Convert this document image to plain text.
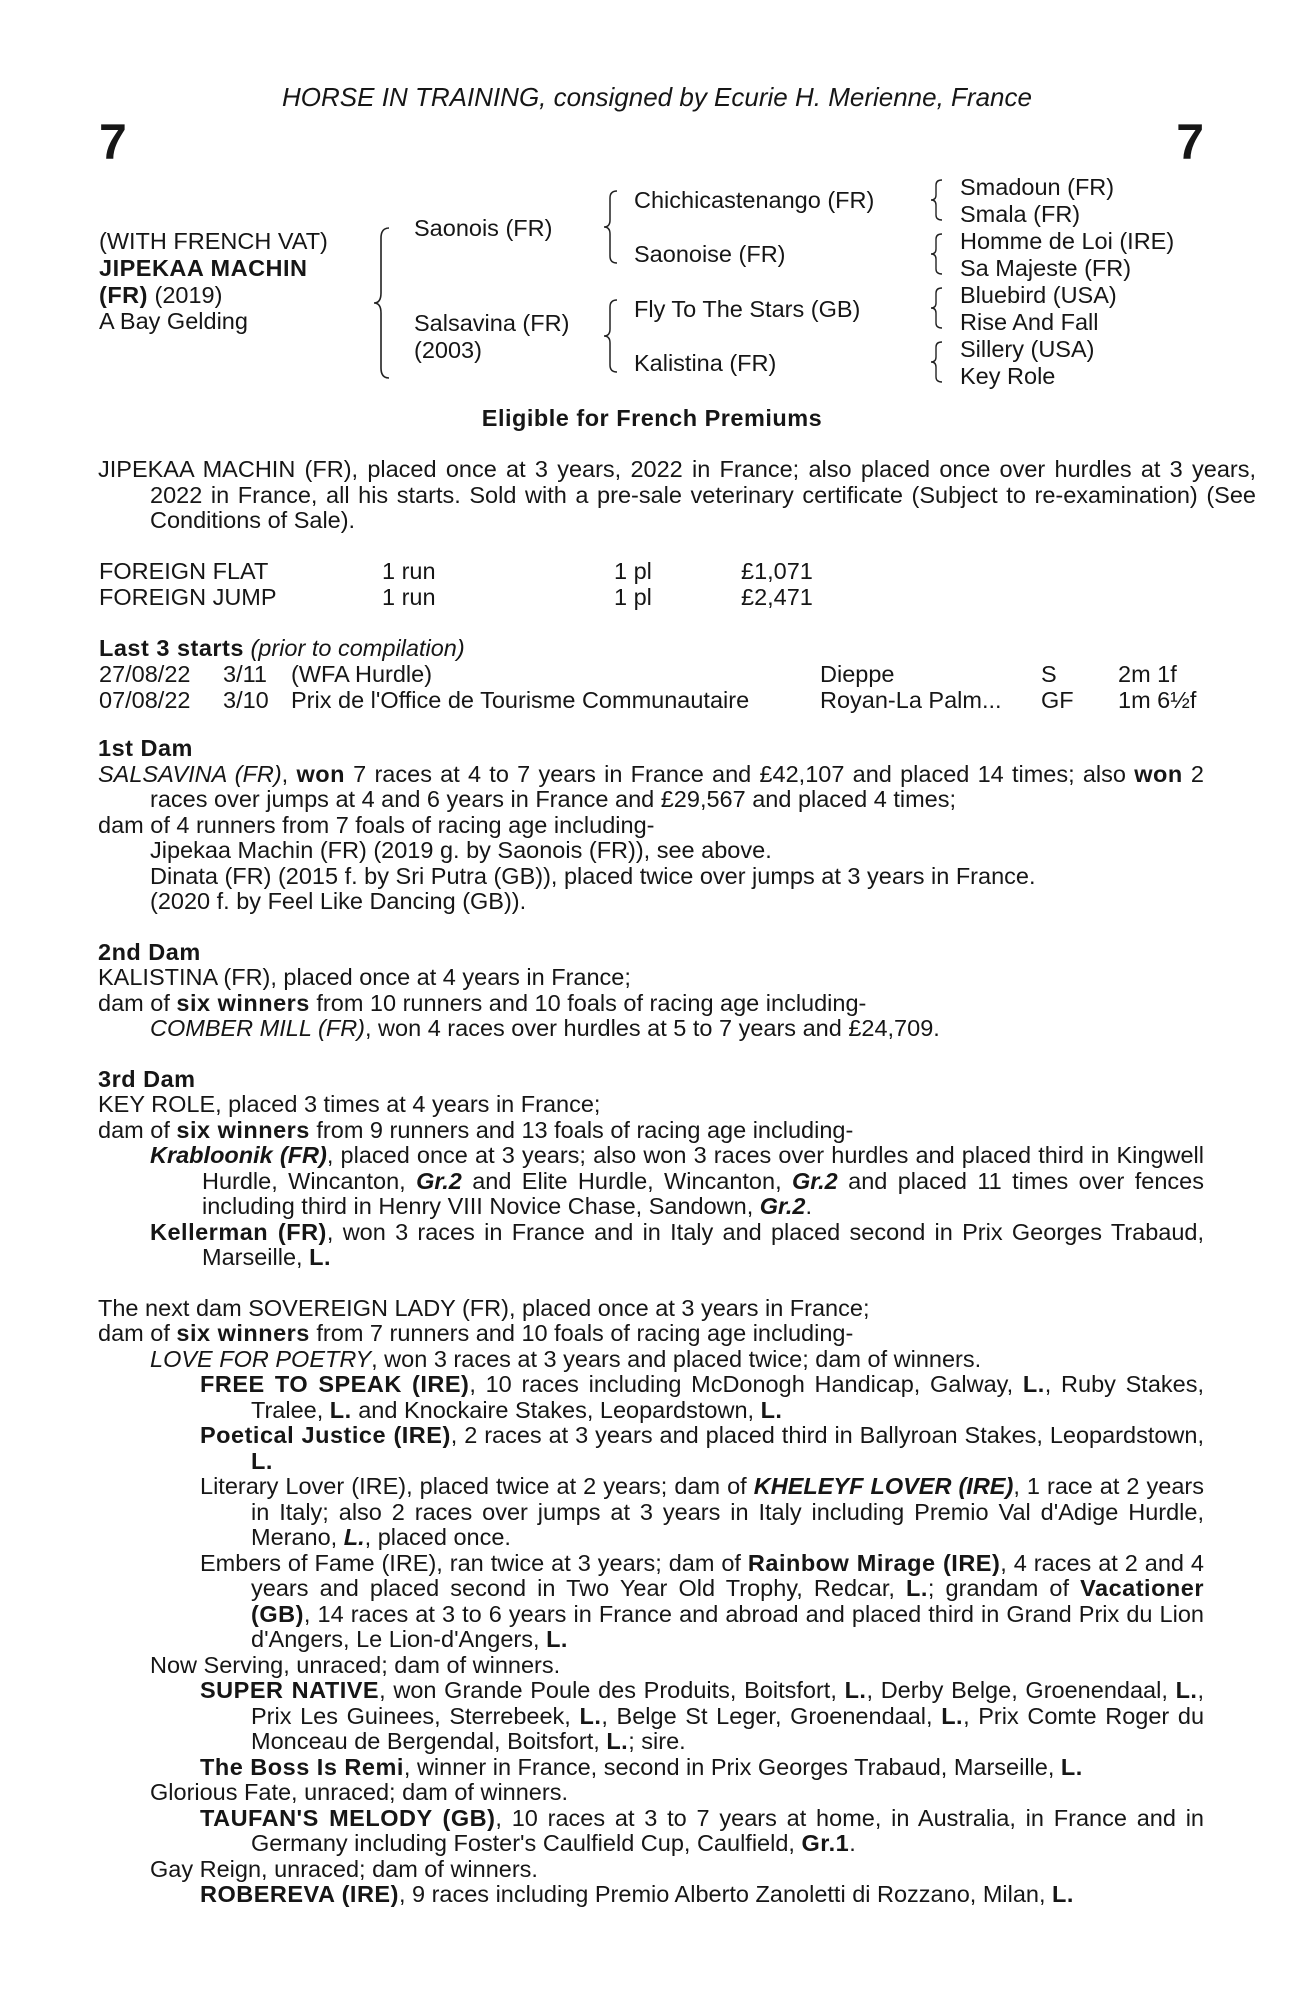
HORSE IN TRAINING, consigned by Ecurie H. Merienne, France
7	7
(WITH FRENCH VAT)
JIPEKAA MACHIN
(FR) (2019)
A Bay Gelding
Saonois (FR)
Salsavina (FR)
(2003)
Chichicastenango (FR)
Saonoise (FR)
Fly To The Stars (GB)
Kalistina (FR)
Smadoun (FR)
Smala (FR)
Homme de Loi (IRE)
Sa Majeste (FR)
Bluebird (USA)
Rise And Fall
Sillery (USA)
Key Role
Eligible for French Premiums
JIPEKAA MACHIN (FR), placed once at 3 years, 2022 in France; also placed once over hurdles at 3 years, 2022 in France, all his starts. Sold with a pre-sale veterinary certificate (Subject to re-examination) (See Conditions of Sale).
FOREIGN FLAT	1 run	1 pl	£1,071
FOREIGN JUMP	1 run	1 pl	£2,471
Last 3 starts (prior to compilation)
27/08/22 3/11 (WFA Hurdle)	Dieppe	S	2m 1f
07/08/22 3/10 Prix de l'Office de Tourisme Communautaire	Royan-La Palm... GF 1m 6½f
1st Dam
SALSAVINA (FR), won 7 races at 4 to 7 years in France and £42,107 and placed 14 times; also won 2 races over jumps at 4 and 6 years in France and £29,567 and placed 4 times;
dam of 4 runners from 7 foals of racing age including-
Jipekaa Machin (FR) (2019 g. by Saonois (FR)), see above.
Dinata (FR) (2015 f. by Sri Putra (GB)), placed twice over jumps at 3 years in France.
(2020 f. by Feel Like Dancing (GB)).
2nd Dam
KALISTINA (FR), placed once at 4 years in France;
dam of six winners from 10 runners and 10 foals of racing age including-
COMBER MILL (FR), won 4 races over hurdles at 5 to 7 years and £24,709.
3rd Dam
KEY ROLE, placed 3 times at 4 years in France;
dam of six winners from 9 runners and 13 foals of racing age including-
Krabloonik (FR), placed once at 3 years; also won 3 races over hurdles and placed third in Kingwell Hurdle, Wincanton, Gr.2 and Elite Hurdle, Wincanton, Gr.2 and placed 11 times over fences including third in Henry VIII Novice Chase, Sandown, Gr.2.
Kellerman (FR), won 3 races in France and in Italy and placed second in Prix Georges Trabaud, Marseille, L.
The next dam SOVEREIGN LADY (FR), placed once at 3 years in France;
dam of six winners from 7 runners and 10 foals of racing age including-
LOVE FOR POETRY, won 3 races at 3 years and placed twice; dam of winners.
FREE TO SPEAK (IRE), 10 races including McDonogh Handicap, Galway, L., Ruby Stakes, Tralee, L. and Knockaire Stakes, Leopardstown, L.
Poetical Justice (IRE), 2 races at 3 years and placed third in Ballyroan Stakes, Leopardstown, L.
Literary Lover (IRE), placed twice at 2 years; dam of KHELEYF LOVER (IRE), 1 race at 2 years in Italy; also 2 races over jumps at 3 years in Italy including Premio Val d'Adige Hurdle, Merano, L., placed once.
Embers of Fame (IRE), ran twice at 3 years; dam of Rainbow Mirage (IRE), 4 races at 2 and 4 years and placed second in Two Year Old Trophy, Redcar, L.; grandam of Vacationer (GB), 14 races at 3 to 6 years in France and abroad and placed third in Grand Prix du Lion d'Angers, Le Lion-d'Angers, L.
Now Serving, unraced; dam of winners.
SUPER NATIVE, won Grande Poule des Produits, Boitsfort, L., Derby Belge, Groenendaal, L., Prix Les Guinees, Sterrebeek, L., Belge St Leger, Groenendaal, L., Prix Comte Roger du Monceau de Bergendal, Boitsfort, L.; sire.
The Boss Is Remi, winner in France, second in Prix Georges Trabaud, Marseille, L.
Glorious Fate, unraced; dam of winners.
TAUFAN'S MELODY (GB), 10 races at 3 to 7 years at home, in Australia, in France and in Germany including Foster's Caulfield Cup, Caulfield, Gr.1.
Gay Reign, unraced; dam of winners.
ROBEREVA (IRE), 9 races including Premio Alberto Zanoletti di Rozzano, Milan, L.
